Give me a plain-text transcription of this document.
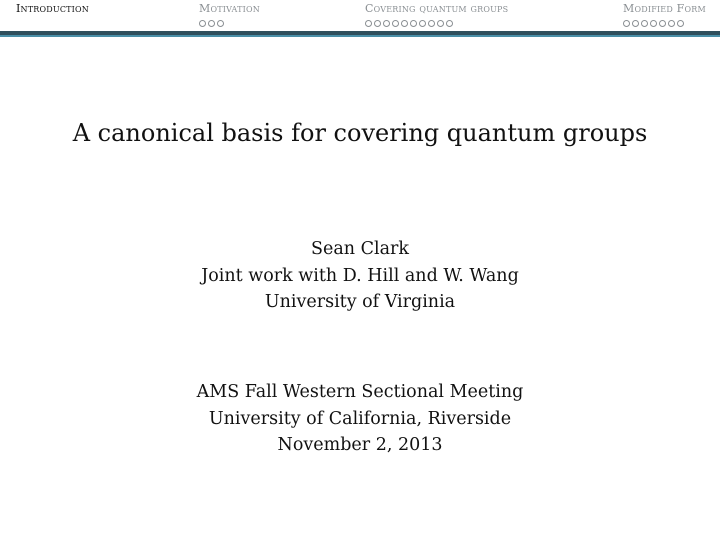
Introduction	Motivation	Covering quantum groups	Modified Form
A canonical basis for covering quantum groups
Sean Clark
Joint work with D. Hill and W. Wang
University of Virginia
AMS Fall Western Sectional Meeting
University of California, Riverside
November 2, 2013
